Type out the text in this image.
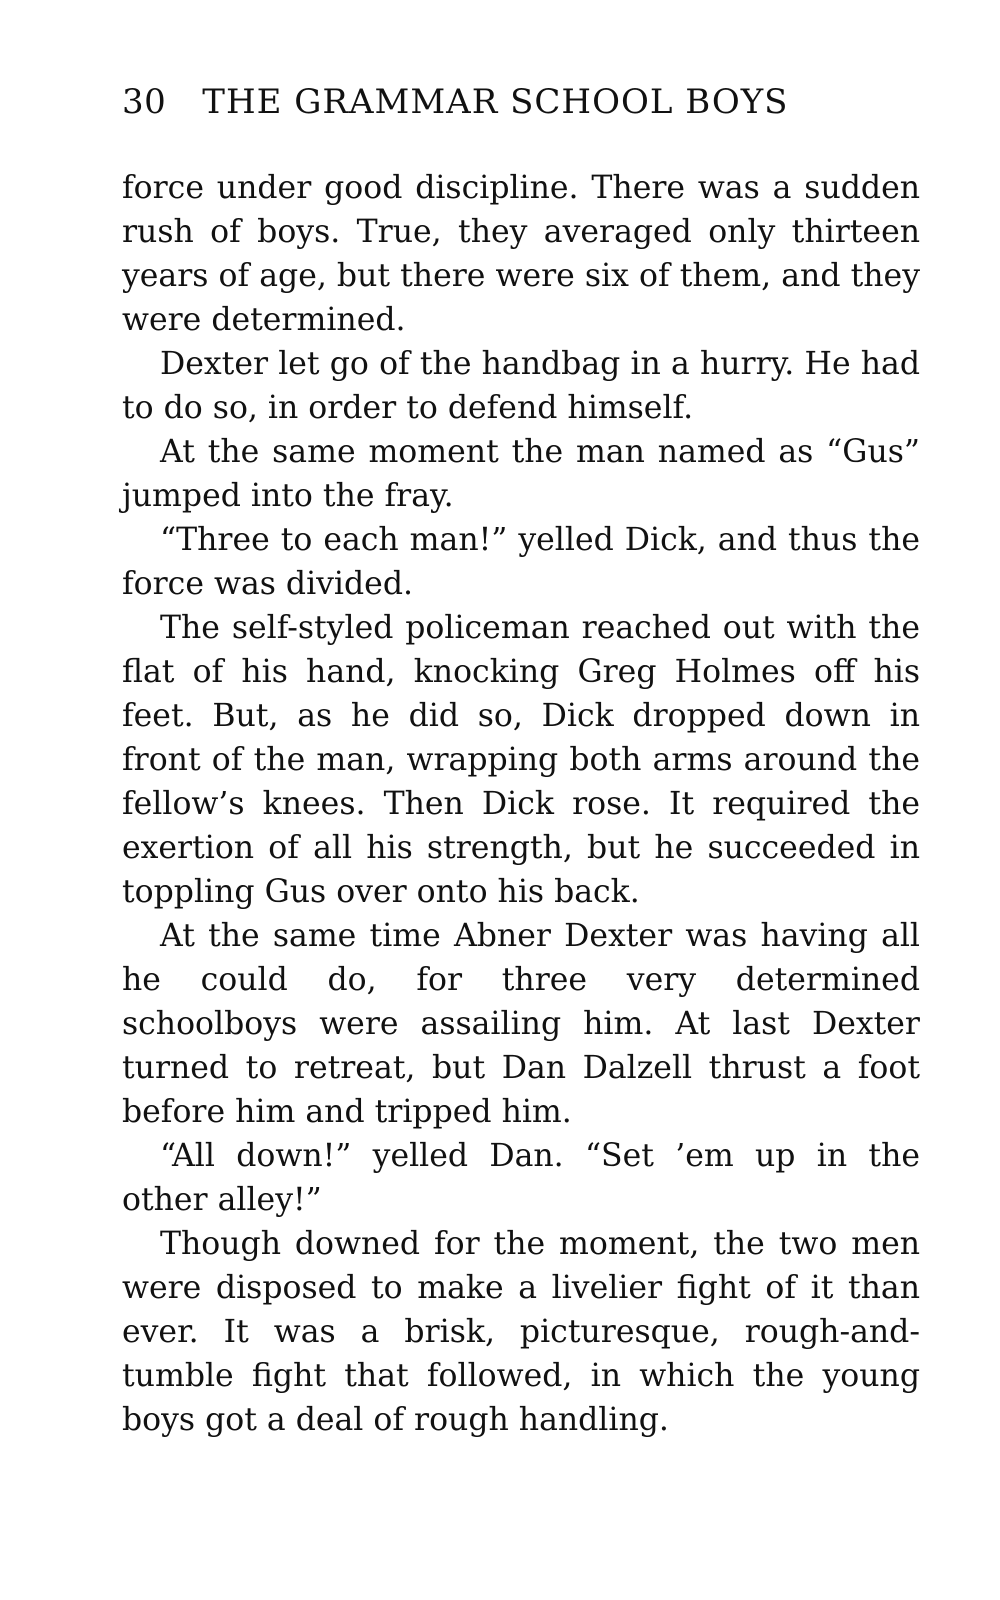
30 THE GRAMMAR SCHOOL BOYS

force under good discipline. There was a sudden rush of boys. True, they averaged only thirteen years of age, but there were six of them, and they were determined.

Dexter let go of the handbag in a hurry. He had to do so, in order to defend himself.

At the same moment the man named as “Gus” jumped into the fray.

“Three to each man!” yelled Dick, and thus the force was divided.

The self-styled policeman reached out with the flat of his hand, knocking Greg Holmes off his feet. But, as he did so, Dick dropped down in front of the man, wrapping both arms around the fellow’s knees. Then Dick rose. It required the exertion of all his strength, but he succeeded in toppling Gus over onto his back.

At the same time Abner Dexter was having all he could do, for three very determined schoolboys were assailing him. At last Dexter turned to retreat, but Dan Dalzell thrust a foot before him and tripped him.

“All down!” yelled Dan. “Set ’em up in the other alley!”

Though downed for the moment, the two men were disposed to make a livelier fight of it than ever. It was a brisk, picturesque, rough-and-tumble fight that followed, in which the young boys got a deal of rough handling.
